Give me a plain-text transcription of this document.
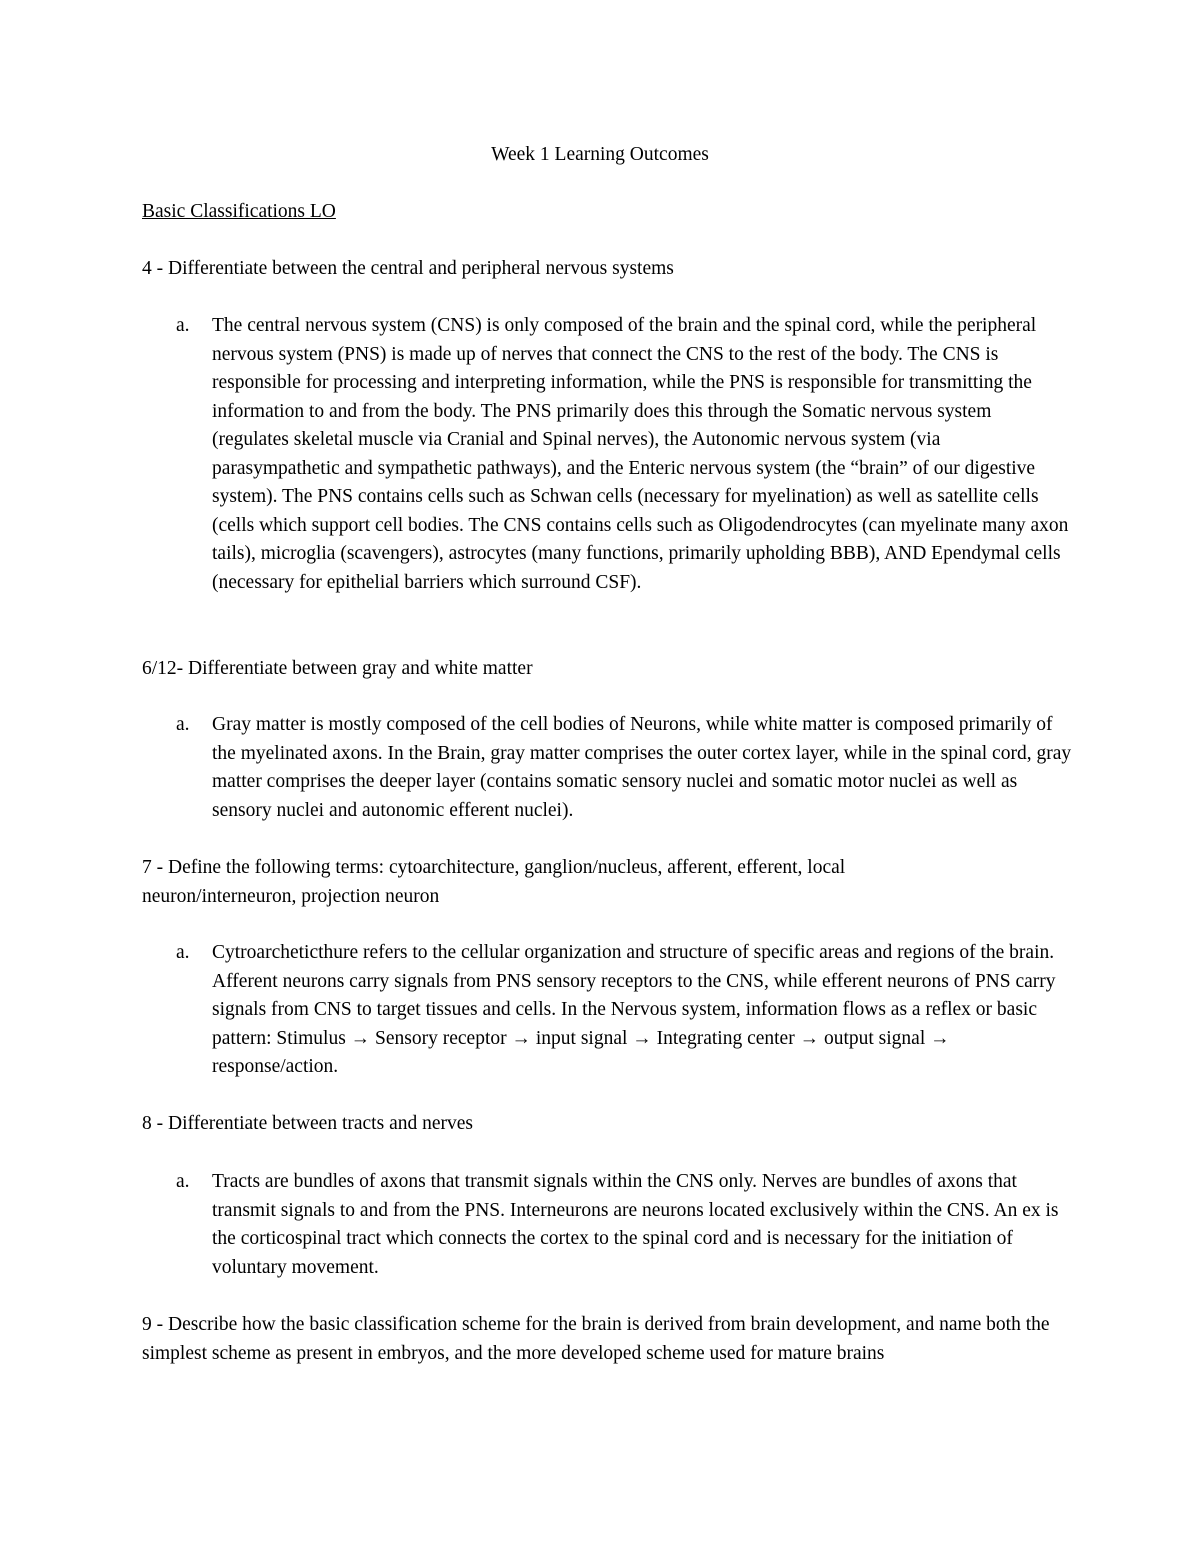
Week 1 Learning Outcomes
Basic Classifications LO

4 - Differentiate between the central and peripheral nervous systems

a. The central nervous system (CNS) is only composed of the brain and the spinal cord, while the peripheral nervous system (PNS) is made up of nerves that connect the CNS to the rest of the body. The CNS is responsible for processing and interpreting information, while the PNS is responsible for transmitting the information to and from the body. The PNS primarily does this through the Somatic nervous system (regulates skeletal muscle via Cranial and Spinal nerves), the Autonomic nervous system (via parasympathetic and sympathetic pathways), and the Enteric nervous system (the “brain” of our digestive system). The PNS contains cells such as Schwan cells (necessary for myelination) as well as satellite cells (cells which support cell bodies. The CNS contains cells such as Oligodendrocytes (can myelinate many axon tails), microglia (scavengers), astrocytes (many functions, primarily upholding BBB), AND Ependymal cells (necessary for epithelial barriers which surround CSF).

6/12- Differentiate between gray and white matter

a. Gray matter is mostly composed of the cell bodies of Neurons, while white matter is composed primarily of the myelinated axons. In the Brain, gray matter comprises the outer cortex layer, while in the spinal cord, gray matter comprises the deeper layer (contains somatic sensory nuclei and somatic motor nuclei as well as sensory nuclei and autonomic efferent nuclei).

7 - Define the following terms: cytoarchitecture, ganglion/nucleus, afferent, efferent, local neuron/interneuron, projection neuron

a. Cytroarcheticthure refers to the cellular organization and structure of specific areas and regions of the brain. Afferent neurons carry signals from PNS sensory receptors to the CNS, while efferent neurons of PNS carry signals from CNS to target tissues and cells. In the Nervous system, information flows as a reflex or basic pattern: Stimulus → Sensory receptor → input signal → Integrating center → output signal → response/action.

8 - Differentiate between tracts and nerves

a. Tracts are bundles of axons that transmit signals within the CNS only. Nerves are bundles of axons that transmit signals to and from the PNS. Interneurons are neurons located exclusively within the CNS. An ex is the corticospinal tract which connects the cortex to the spinal cord and is necessary for the initiation of voluntary movement.

9 - Describe how the basic classification scheme for the brain is derived from brain development, and name both the simplest scheme as present in embryos, and the more developed scheme used for mature brains
